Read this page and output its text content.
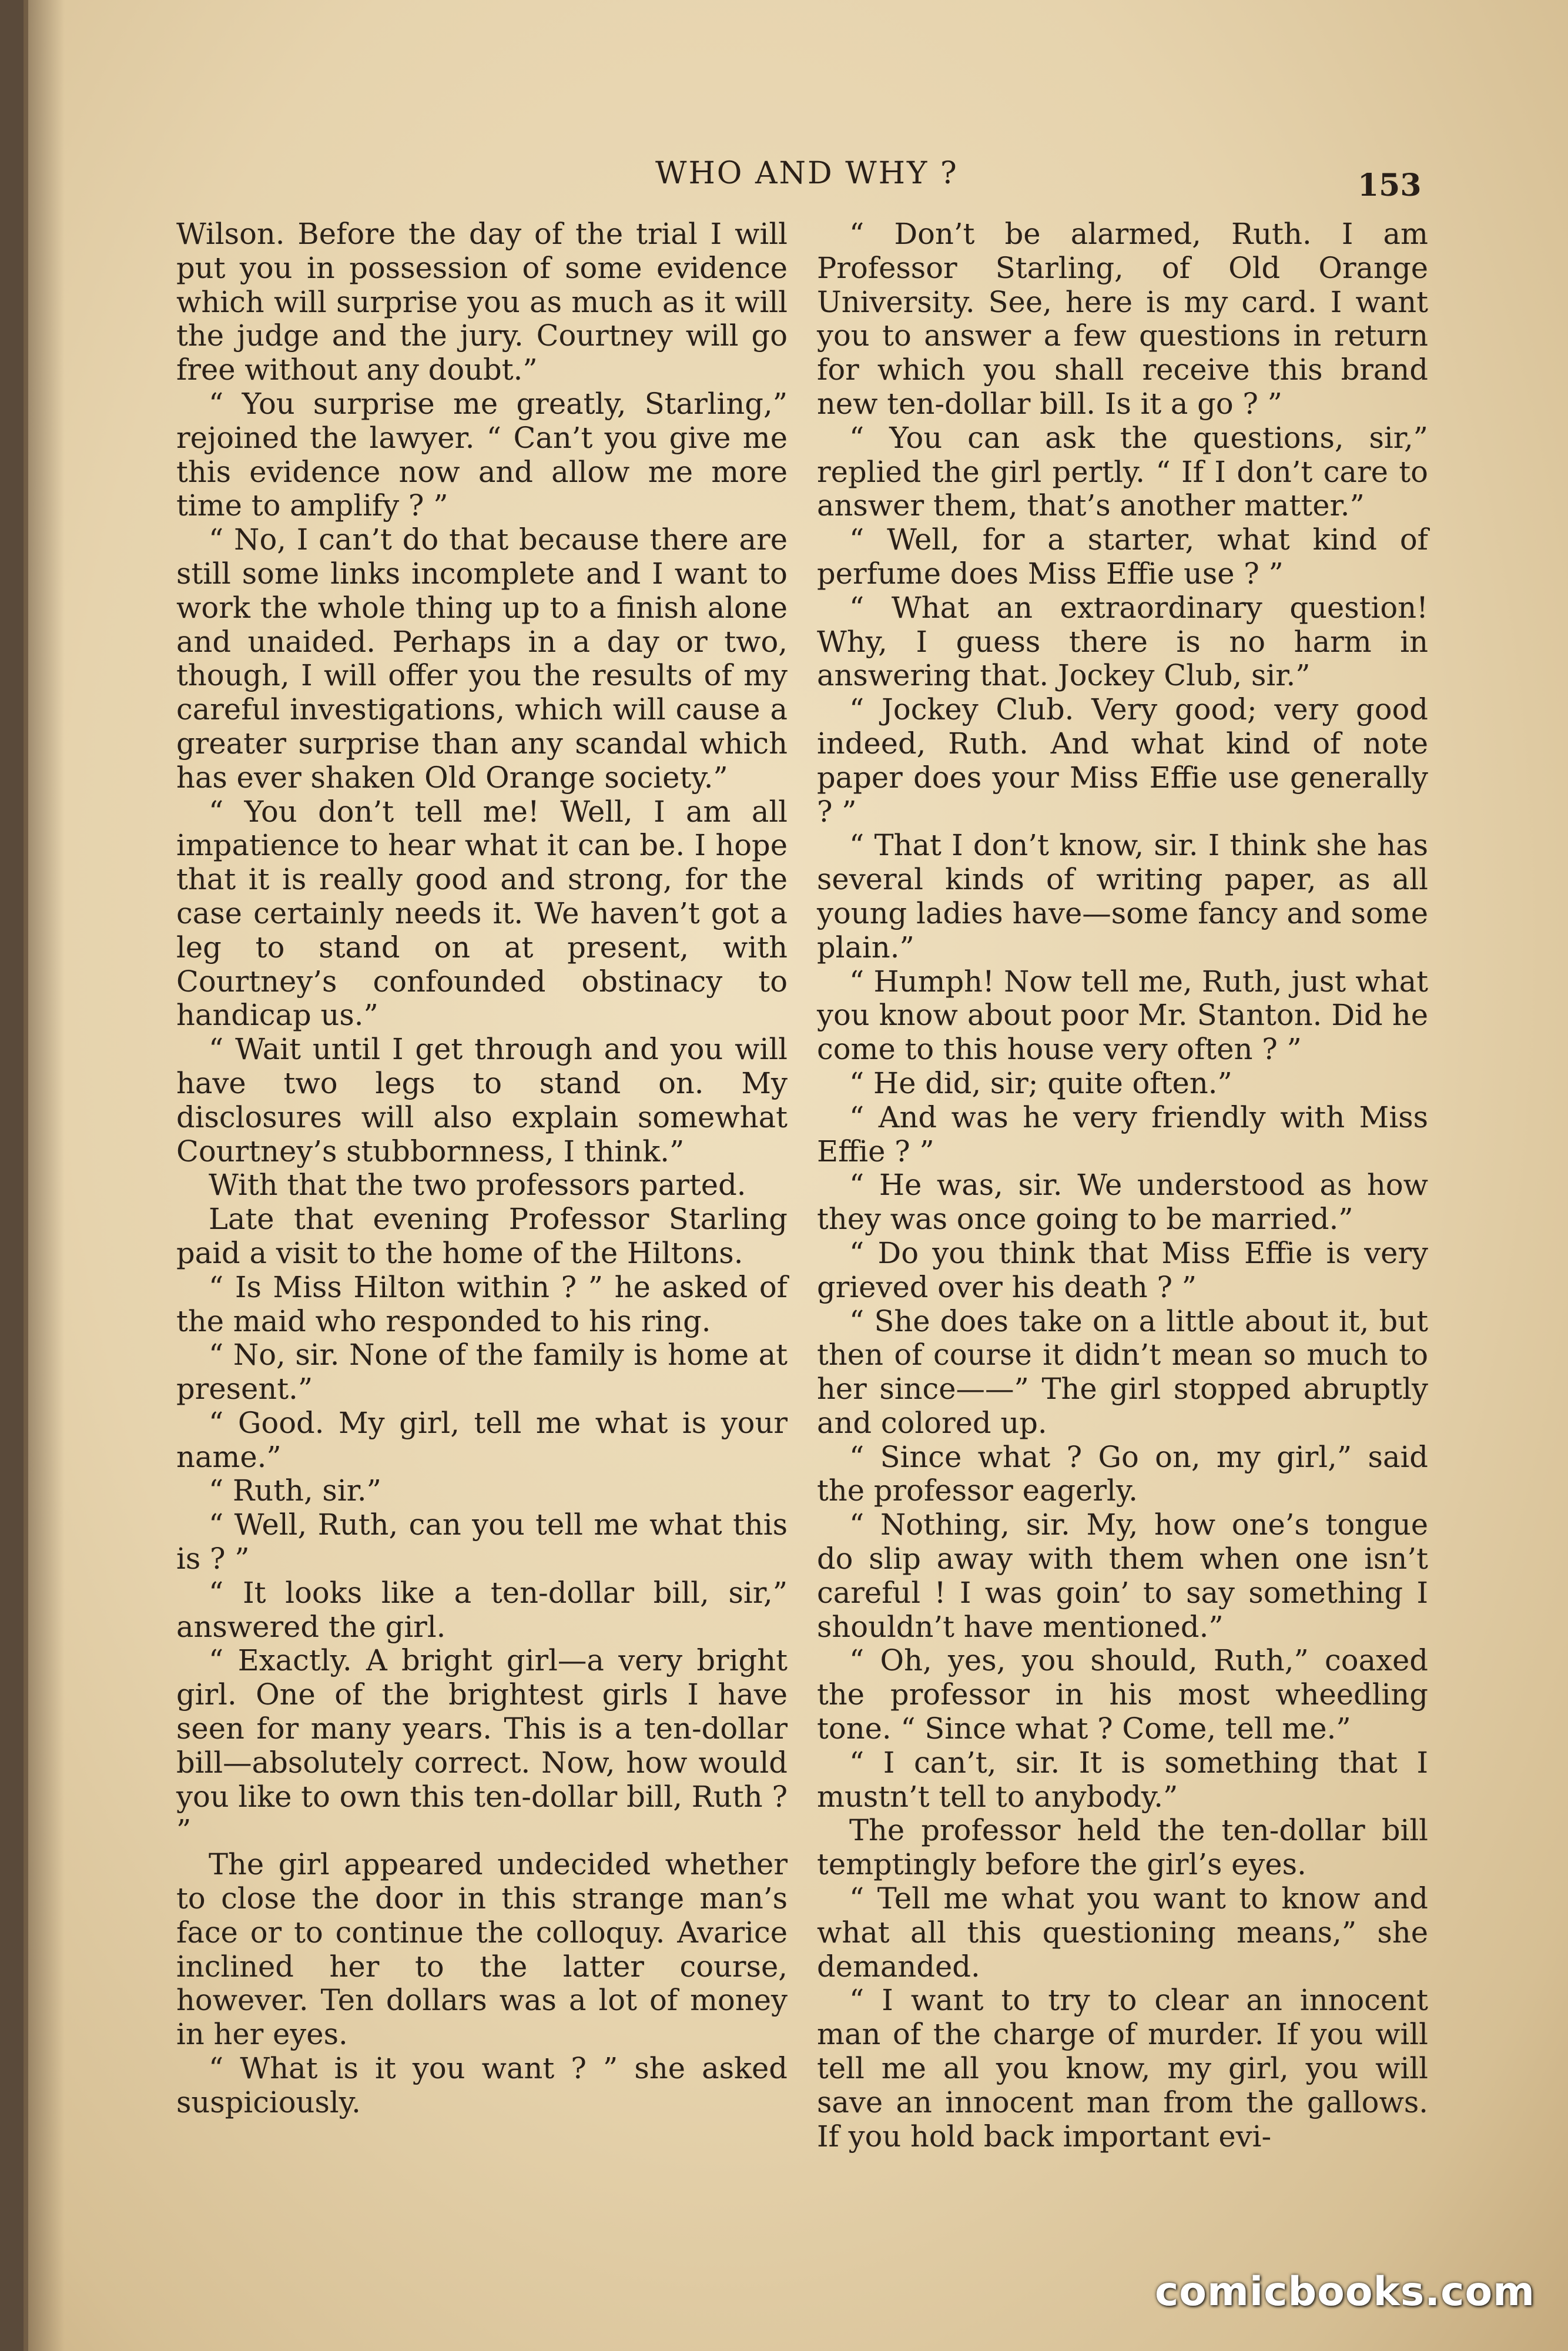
WHO AND WHY ?	153

Wilson. Before the day of the trial I will put you in possession of some evidence which will surprise you as much as it will the judge and the jury. Courtney will go free without any doubt.”

“ You surprise me greatly, Starling,” rejoined the lawyer. “ Can’t you give me this evidence now and allow me more time to amplify ? ”

“ No, I can’t do that because there are still some links incomplete and I want to work the whole thing up to a finish alone and unaided. Perhaps in a day or two, though, I will offer you the results of my careful investigations, which will cause a greater surprise than any scandal which has ever shaken Old Orange society.”

“ You don’t tell me! Well, I am all impatience to hear what it can be. I hope that it is really good and strong, for the case certainly needs it. We haven’t got a leg to stand on at present, with Courtney’s confounded obstinacy to handicap us.”

“ Wait until I get through and you will have two legs to stand on. My disclosures will also explain somewhat Courtney’s stubbornness, I think.”

With that the two professors parted.

Late that evening Professor Starling paid a visit to the home of the Hiltons.

“ Is Miss Hilton within ? ” he asked of the maid who responded to his ring.

“ No, sir. None of the family is home at present.”

“ Good. My girl, tell me what is your name.”

“ Ruth, sir.”

“ Well, Ruth, can you tell me what this is ? ”

“ It looks like a ten-dollar bill, sir,” answered the girl.

“ Exactly. A bright girl—a very bright girl. One of the brightest girls I have seen for many years. This is a ten-dollar bill—absolutely correct. Now, how would you like to own this ten-dollar bill, Ruth ? ”

The girl appeared undecided whether to close the door in this strange man’s face or to continue the colloquy. Avarice inclined her to the latter course, however. Ten dollars was a lot of money in her eyes.

“ What is it you want ? ” she asked suspiciously.

“ Don’t be alarmed, Ruth. I am Professor Starling, of Old Orange University. See, here is my card. I want you to answer a few questions in return for which you shall receive this brand new ten-dollar bill. Is it a go ? ”

“ You can ask the questions, sir,” replied the girl pertly. “ If I don’t care to answer them, that’s another matter.”

“ Well, for a starter, what kind of perfume does Miss Effie use ? ”

“ What an extraordinary question! Why, I guess there is no harm in answering that. Jockey Club, sir.”

“ Jockey Club. Very good; very good indeed, Ruth. And what kind of note paper does your Miss Effie use generally ? ”

“ That I don’t know, sir. I think she has several kinds of writing paper, as all young ladies have—some fancy and some plain.”

“ Humph! Now tell me, Ruth, just what you know about poor Mr. Stanton. Did he come to this house very often ? ”

“ He did, sir; quite often.”

“ And was he very friendly with Miss Effie ? ”

“ He was, sir. We understood as how they was once going to be married.”

“ Do you think that Miss Effie is very grieved over his death ? ”

“ She does take on a little about it, but then of course it didn’t mean so much to her since——” The girl stopped abruptly and colored up.

“ Since what ? Go on, my girl,” said the professor eagerly.

“ Nothing, sir. My, how one’s tongue do slip away with them when one isn’t careful ! I was goin’ to say something I shouldn’t have mentioned.”

“ Oh, yes, you should, Ruth,” coaxed the professor in his most wheedling tone. “ Since what ? Come, tell me.”

“ I can’t, sir. It is something that I mustn’t tell to anybody.”

The professor held the ten-dollar bill temptingly before the girl’s eyes.

“ Tell me what you want to know and what all this questioning means,” she demanded.

“ I want to try to clear an innocent man of the charge of murder. If you will tell me all you know, my girl, you will save an innocent man from the gallows. If you hold back important evi-

comicbooks.com
